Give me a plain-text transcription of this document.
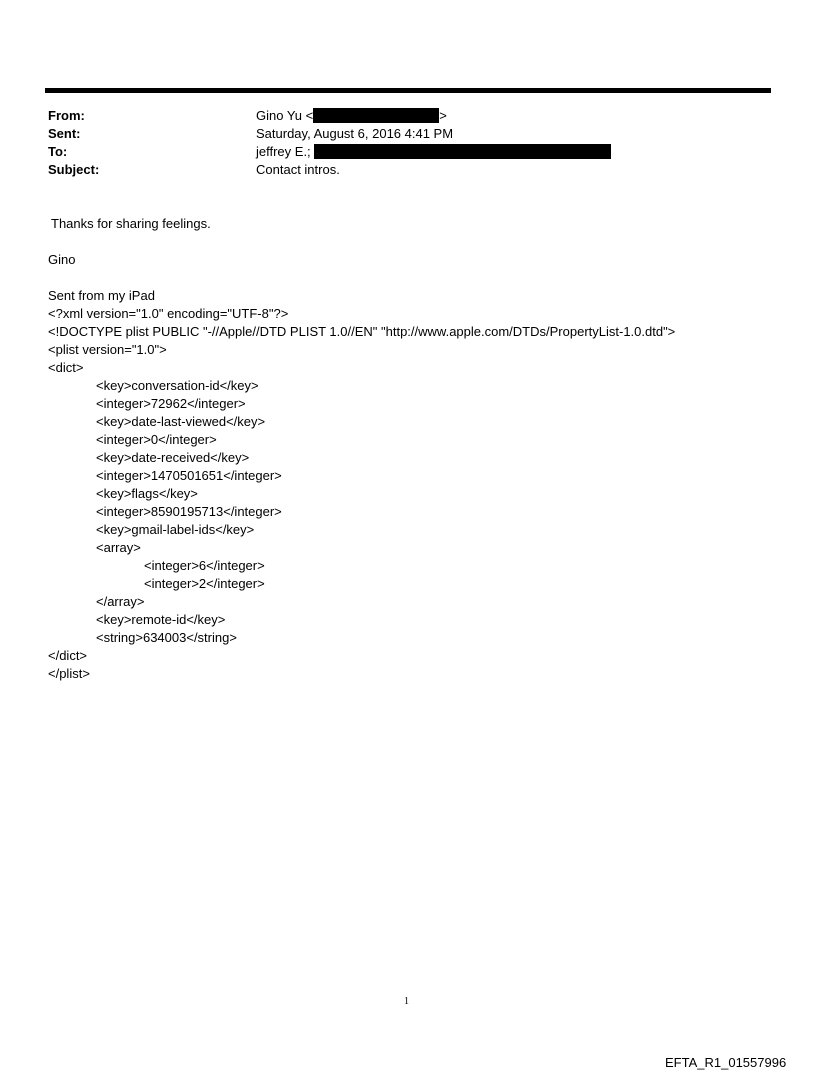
From:
Sent:
To:
Subject:
Gino Yu <	>
Saturday, August 6, 2016 4:41 PM
jeffrey E.;
Contact intros.
Thanks for sharing feelings.
Gino
Sent from my iPad
<?xml version="1.0" encoding="UTF-8"?>
<!DOCTYPE plist PUBLIC "-//Apple//DTD PLIST 1.0//EN" "http://www.apple.com/DTDs/PropertyList-1.0.dtd">
<plist version="1.0">
<dict>
<key>conversation-id</key>
<integer>72962</integer>
<key>date-last-viewed</key>
<integer>0</integer>
<key>date-received</key>
<integer>1470501651</integer>
<key>flags</key>
<integer>8590195713</integer>
<key>gmail-label-ids</key>
<array>
<integer>6</integer>
<integer>2</integer>
</array>
<key>remote-id</key>
<string>634003</string>
</dict>
</plist>
1
EFTA_R1_01557996
